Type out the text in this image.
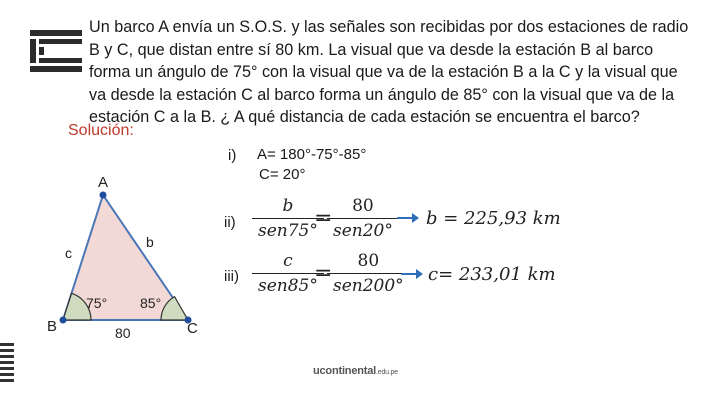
Un barco A envía un S.O.S. y las señales son recibidas por dos estaciones de radio
B y C, que distan entre sí 80 km. La visual que va desde la estación B al barco
forma un ángulo de 75° con la visual que va de la estación B a la C y la visual que
va desde la estación C al barco forma un ángulo de 85° con la visual que va de la
estación C a la B. ¿ A qué distancia de cada estación se encuentra el barco?
Solución:
A
B	C
b
c
80
75° 85°
i) A= 180°-75°-85°
C= 20°
ii)
b
sen75°
=	80
sen20°
b = 225,93 km
iii)
c
sen85°
=	80
sen200°
c= 233,01 km
ucontinental.edu.pe
